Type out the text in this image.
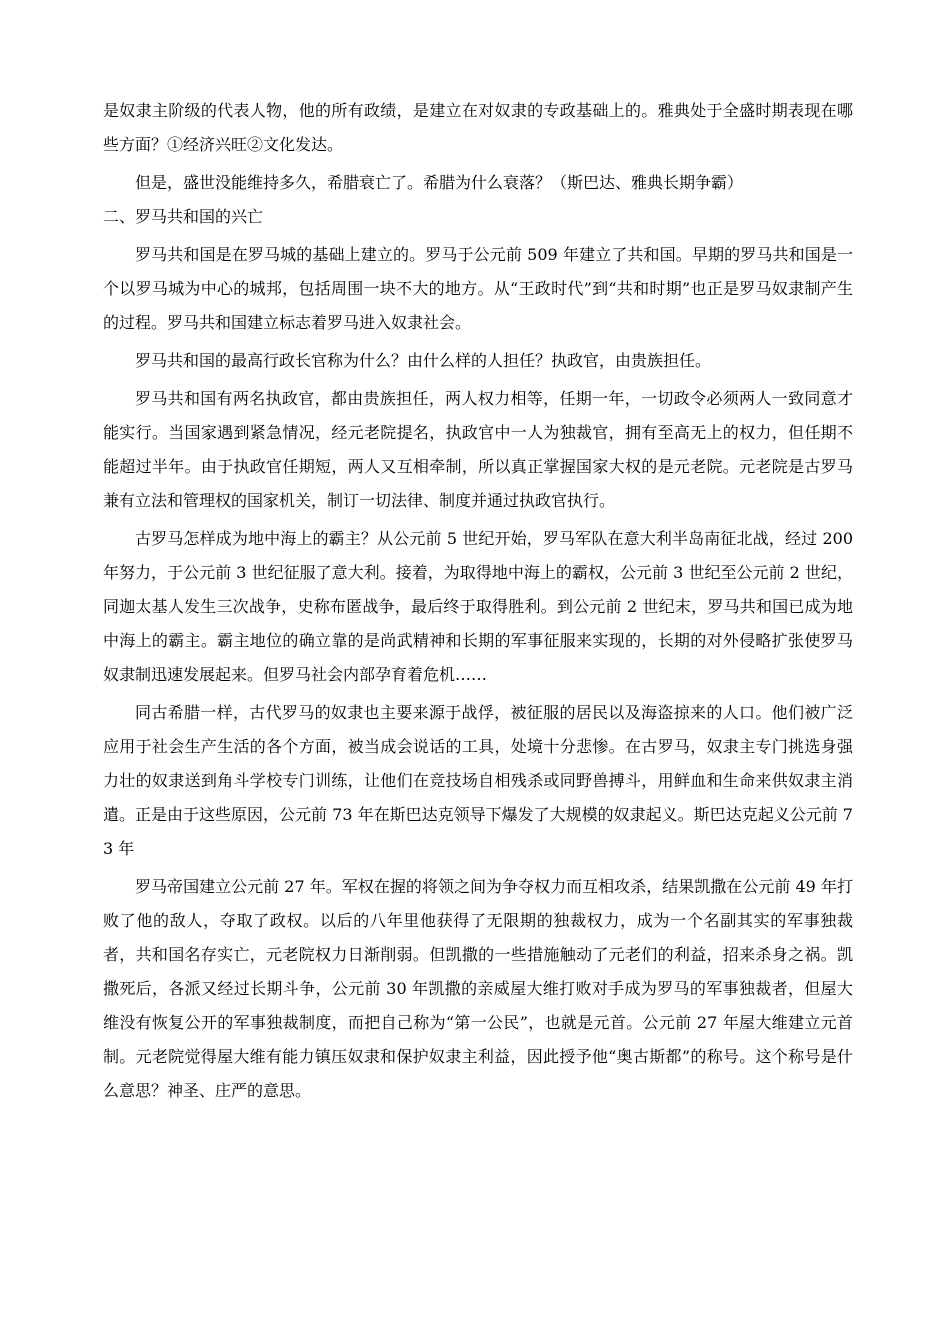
是奴隶主阶级的代表人物，他的所有政绩，是建立在对奴隶的专政基础上的。雅典处于全盛时期表现在哪些方面？①经济兴旺②文化发达。

但是，盛世没能维持多久，希腊衰亡了。希腊为什么衰落？（斯巴达、雅典长期争霸）

二、罗马共和国的兴亡

罗马共和国是在罗马城的基础上建立的。罗马于公元前 509 年建立了共和国。早期的罗马共和国是一个以罗马城为中心的城邦，包括周围一块不大的地方。从“王政时代”到“共和时期”也正是罗马奴隶制产生的过程。罗马共和国建立标志着罗马进入奴隶社会。

罗马共和国的最高行政长官称为什么？由什么样的人担任？执政官，由贵族担任。

罗马共和国有两名执政官，都由贵族担任，两人权力相等，任期一年，一切政令必须两人一致同意才能实行。当国家遇到紧急情况，经元老院提名，执政官中一人为独裁官，拥有至高无上的权力，但任期不能超过半年。由于执政官任期短，两人又互相牵制，所以真正掌握国家大权的是元老院。元老院是古罗马兼有立法和管理权的国家机关，制订一切法律、制度并通过执政官执行。

古罗马怎样成为地中海上的霸主？从公元前 5 世纪开始，罗马军队在意大利半岛南征北战，经过 200 年努力，于公元前 3 世纪征服了意大利。接着，为取得地中海上的霸权，公元前 3 世纪至公元前 2 世纪，同迦太基人发生三次战争，史称布匿战争，最后终于取得胜利。到公元前 2 世纪末，罗马共和国已成为地中海上的霸主。霸主地位的确立靠的是尚武精神和长期的军事征服来实现的，长期的对外侵略扩张使罗马奴隶制迅速发展起来。但罗马社会内部孕育着危机……

同古希腊一样，古代罗马的奴隶也主要来源于战俘，被征服的居民以及海盗掠来的人口。他们被广泛应用于社会生产生活的各个方面，被当成会说话的工具，处境十分悲惨。在古罗马，奴隶主专门挑选身强力壮的奴隶送到角斗学校专门训练，让他们在竞技场自相残杀或同野兽搏斗，用鲜血和生命来供奴隶主消遣。正是由于这些原因，公元前 73 年在斯巴达克领导下爆发了大规模的奴隶起义。斯巴达克起义公元前 73 年

罗马帝国建立公元前 27 年。军权在握的将领之间为争夺权力而互相攻杀，结果凯撒在公元前 49 年打败了他的敌人，夺取了政权。以后的八年里他获得了无限期的独裁权力，成为一个名副其实的军事独裁者，共和国名存实亡，元老院权力日渐削弱。但凯撒的一些措施触动了元老们的利益，招来杀身之祸。凯撒死后，各派又经过长期斗争，公元前 30 年凯撒的亲威屋大维打败对手成为罗马的军事独裁者，但屋大维没有恢复公开的军事独裁制度，而把自己称为“第一公民”，也就是元首。公元前 27 年屋大维建立元首制。元老院觉得屋大维有能力镇压奴隶和保护奴隶主利益，因此授予他“奥古斯都”的称号。这个称号是什么意思？神圣、庄严的意思。
